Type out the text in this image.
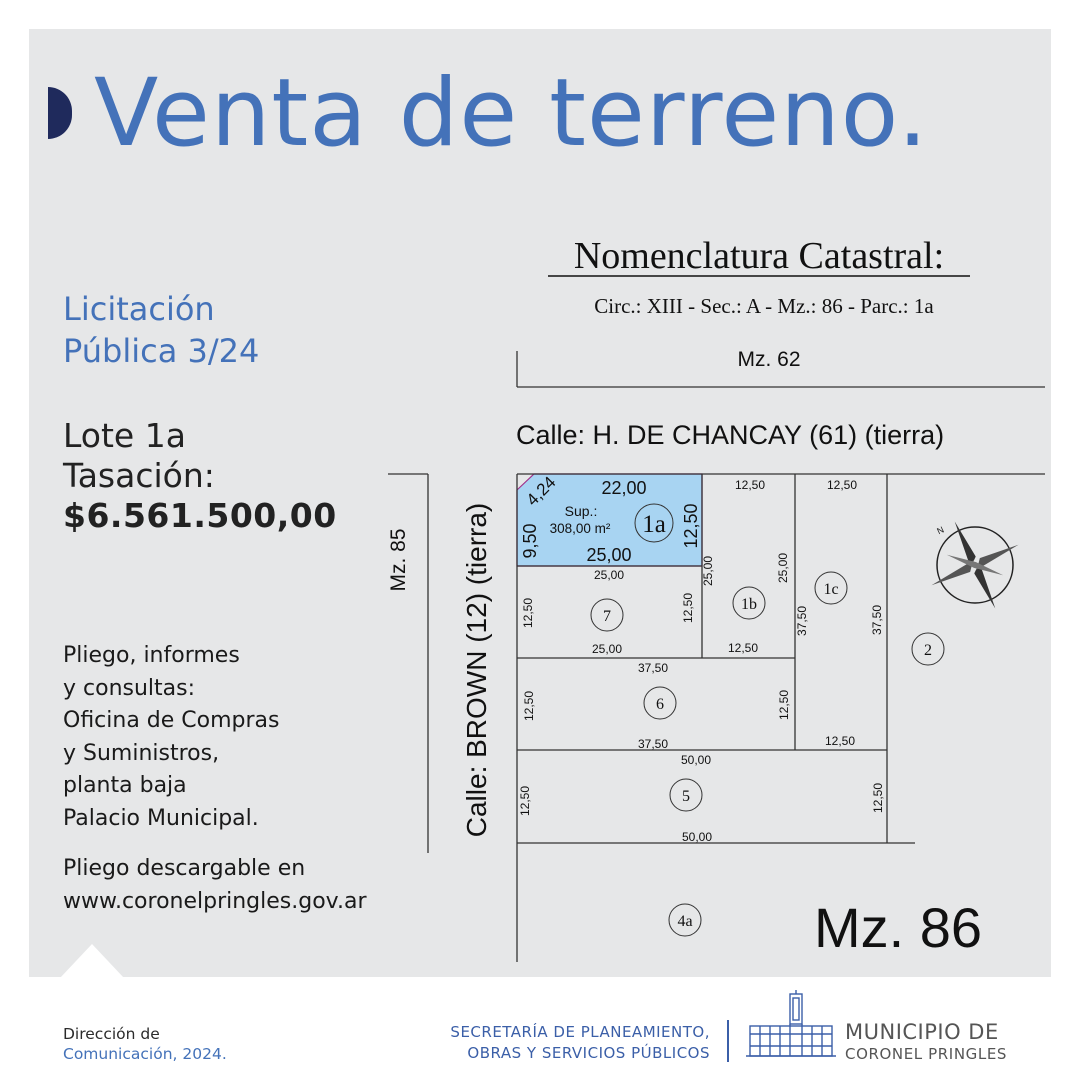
Venta de terreno.
Licitación
Pública 3/24
Lote 1a
Tasación:
$6.561.500,00
Pliego, informes
y consultas:
Oficina de Compras
y Suministros,
planta baja
Palacio Municipal.
Pliego descargable en
www.coronelpringles.gov.ar
Nomenclatura Catastral:
Circ.: XIII - Sec.: A - Mz.: 86 - Parc.: 1a
Mz. 62
Calle: H. DE CHANCAY (61) (tierra)
Mz. 85 Calle: BROWN (12) (tierra)
4,24 22,00
Sup.:
308,00 m²
9,50	12,50
25,00
1a
1b
1c
2
7
6
5
4a
12,50	12,50
25,00	25,00
12,50
37,50	37,50
12,50
25,00
12,50	12,50
25,00
37,50
12,50	12,50
37,50
50,00
12,50	12,50
50,00
Mz. 86
N
Dirección de
Comunicación, 2024.
SECRETARÍA DE PLANEAMIENTO,
OBRAS Y SERVICIOS PÚBLICOS
MUNICIPIO DE
CORONEL PRINGLES
